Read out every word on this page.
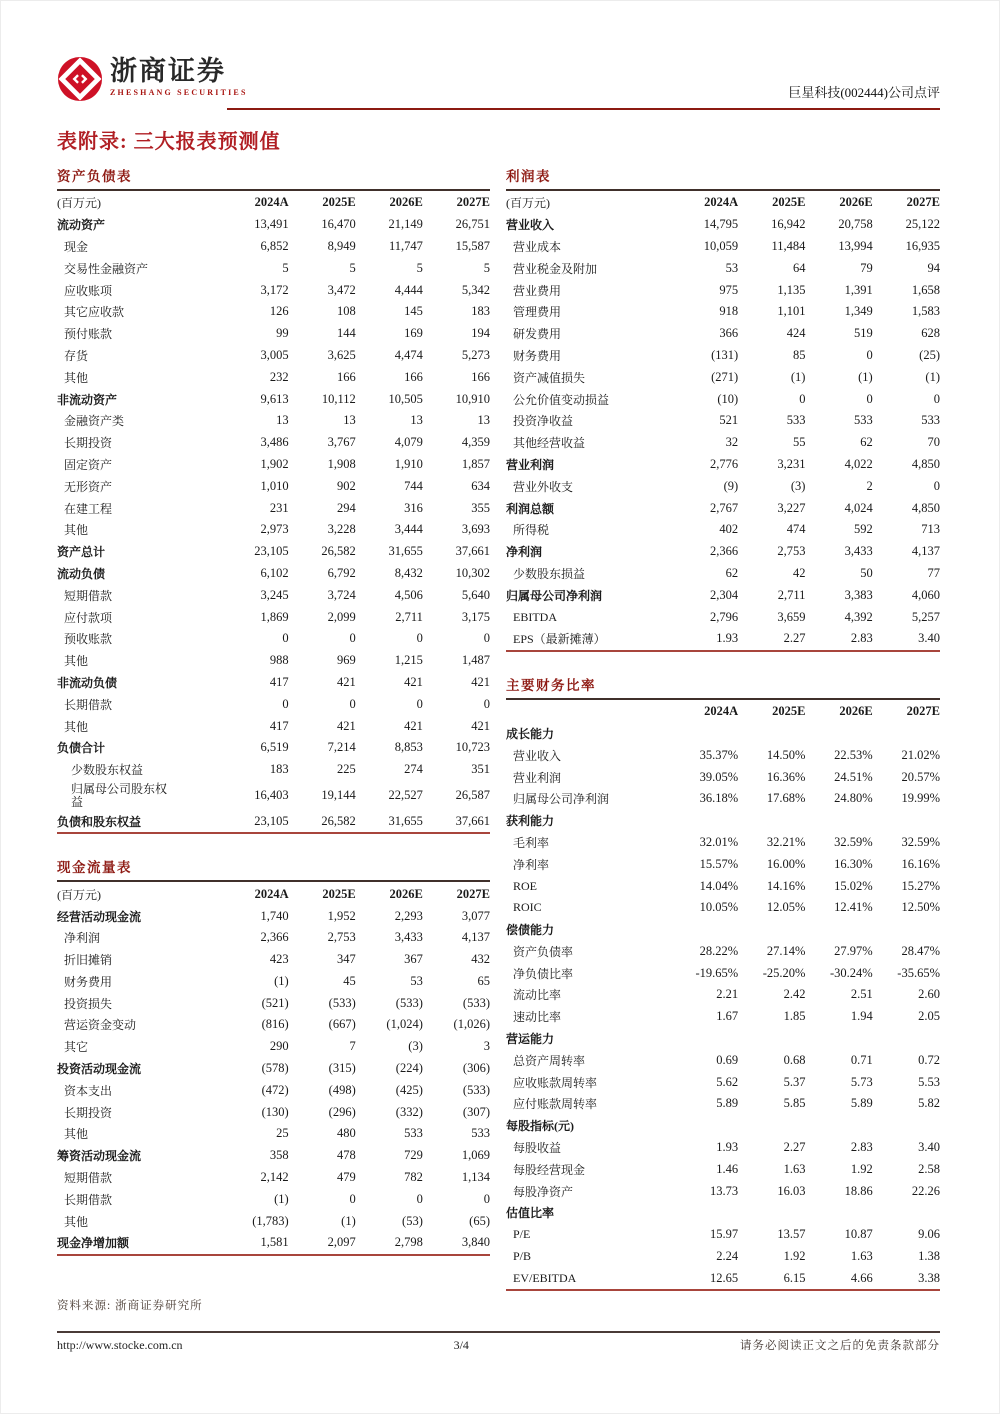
浙商证券
ZHESHANG SECURITIES	巨星科技(002444)公司点评
表附录: 三大报表预测值
资产负债表
(百万元)	2024A	2025E	2026E	2027E

流动资产	13,491	16,470	21,149	26,751

现金	6,852	8,949	11,747	15,587

交易性金融资产	5	5	5	5

应收账项	3,172	3,472	4,444	5,342

其它应收款	126	108	145	183

预付账款	99	144	169	194

存货	3,005	3,625	4,474	5,273

其他	232	166	166	166

非流动资产	9,613	10,112	10,505	10,910

金融资产类	13	13	13	13

长期投资	3,486	3,767	4,079	4,359

固定资产	1,902	1,908	1,910	1,857

无形资产	1,010	902	744	634

在建工程	231	294	316	355

其他	2,973	3,228	3,444	3,693

资产总计	23,105	26,582	31,655	37,661

流动负债	6,102	6,792	8,432	10,302

短期借款	3,245	3,724	4,506	5,640

应付款项	1,869	2,099	2,711	3,175

预收账款	0	0	0	0

其他	988	969	1,215	1,487

非流动负债	417	421	421	421

长期借款	0	0	0	0

其他	417	421	421	421

负债合计	6,519	7,214	8,853	10,723

少数股东权益	183	225	274	351

归属母公司股东权益	16,403	19,144	22,527	26,587

负债和股东权益	23,105	26,582	31,655	37,661
现金流量表
(百万元)	2024A	2025E	2026E	2027E

经营活动现金流	1,740	1,952	2,293	3,077

净利润	2,366	2,753	3,433	4,137

折旧摊销	423	347	367	432

财务费用	(1)	45	53	65

投资损失	(521)	(533)	(533)	(533)

营运资金变动	(816)	(667)	(1,024)	(1,026)

其它	290	7	(3)	3

投资活动现金流	(578)	(315)	(224)	(306)

资本支出	(472)	(498)	(425)	(533)

长期投资	(130)	(296)	(332)	(307)

其他	25	480	533	533

筹资活动现金流	358	478	729	1,069

短期借款	2,142	479	782	1,134

长期借款	(1)	0	0	0

其他	(1,783)	(1)	(53)	(65)

现金净增加额	1,581	2,097	2,798	3,840
利润表
(百万元)	2024A	2025E	2026E	2027E

营业收入	14,795	16,942	20,758	25,122

营业成本	10,059	11,484	13,994	16,935

营业税金及附加	53	64	79	94

营业费用	975	1,135	1,391	1,658

管理费用	918	1,101	1,349	1,583

研发费用	366	424	519	628

财务费用	(131)	85	0	(25)

资产减值损失	(271)	(1)	(1)	(1)

公允价值变动损益	(10)	0	0	0

投资净收益	521	533	533	533

其他经营收益	32	55	62	70

营业利润	2,776	3,231	4,022	4,850

营业外收支	(9)	(3)	2	0

利润总额	2,767	3,227	4,024	4,850

所得税	402	474	592	713

净利润	2,366	2,753	3,433	4,137

少数股东损益	62	42	50	77

归属母公司净利润	2,304	2,711	3,383	4,060

EBITDA	2,796	3,659	4,392	5,257

EPS（最新摊薄）	1.93	2.27	2.83	3.40
主要财务比率
	2024A	2025E	2026E	2027E

成长能力				

营业收入	35.37%	14.50%	22.53%	21.02%

营业利润	39.05%	16.36%	24.51%	20.57%

归属母公司净利润	36.18%	17.68%	24.80%	19.99%

获利能力				

毛利率	32.01%	32.21%	32.59%	32.59%

净利率	15.57%	16.00%	16.30%	16.16%

ROE	14.04%	14.16%	15.02%	15.27%

ROIC	10.05%	12.05%	12.41%	12.50%

偿债能力				

资产负债率	28.22%	27.14%	27.97%	28.47%

净负债比率	-19.65%	-25.20%	-30.24%	-35.65%

流动比率	2.21	2.42	2.51	2.60

速动比率	1.67	1.85	1.94	2.05

营运能力				

总资产周转率	0.69	0.68	0.71	0.72

应收账款周转率	5.62	5.37	5.73	5.53

应付账款周转率	5.89	5.85	5.89	5.82

每股指标(元)				

每股收益	1.93	2.27	2.83	3.40

每股经营现金	1.46	1.63	1.92	2.58

每股净资产	13.73	16.03	18.86	22.26

估值比率				

P/E	15.97	13.57	10.87	9.06

P/B	2.24	1.92	1.63	1.38

EV/EBITDA	12.65	6.15	4.66	3.38
资料来源: 浙商证券研究所
http://www.stocke.com.cn	3/4	请务必阅读正文之后的免责条款部分
